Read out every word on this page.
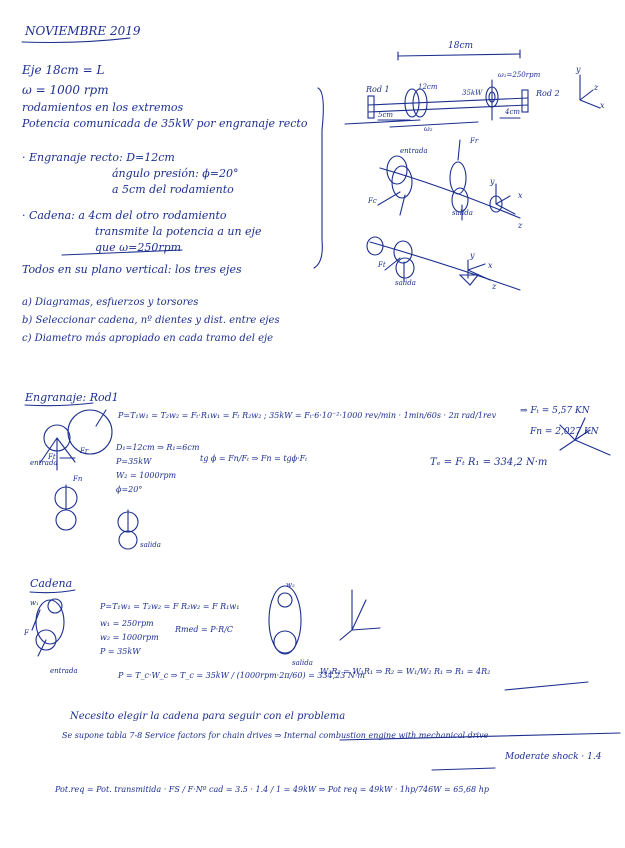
NOVIEMBRE 2019
Eje 18cm = L
ω = 1000 rpm
rodamientos en los extremos
Potencia comunicada de 35kW por engranaje recto
· Engranaje recto: D=12cm
ángulo presión: ϕ=20°
a 5cm del rodamiento
· Cadena: a 4cm del otro rodamiento
transmite la potencia a un eje
que ω=250rpm
Todos en su plano vertical: los tres ejes
a) Diagramas, esfuerzos y torsores
b) Seleccionar cadena, nº dientes y dist. entre ejes
c) Diametro más apropiado en cada tramo del eje
18cm
Rod 1	Rod 2
5cm	4cm
ω₂
ω₁=250rpm
12cm
35kW
entrada
salida
salida
x
y
z
z
x
y
z
y
x
Fc
Fr
Ft
Engranaje: Rod1
P=T₁w₁ = T₂w₂ = Fₜ·R₁w₁ = Fₜ R₂w₂ ; 35kW = Fₜ·6·10⁻²·1000 rev/min · 1min/60s · 2π rad/1rev	⇒ Fₜ = 5,57 KN
Fn = 2,027 KN
D₁=12cm ⇒ R₁=6cm
P=35kW
W₂ = 1000rpm
ϕ=20°
tg ϕ = Fn/Fₜ ⇒ Fn = tgϕ·Fₜ	Tₑ = Fₜ R₁ = 334,2 N·m
entrada
salida
Fn
Ft
Fr
Cadena
P=T₁w₁ = T₂w₂ = F R₂w₂ = F R₁w₁
w₁ = 250rpm
w₂ = 1000rpm
P = 35kW
Rmed = P·R/C
P = T_c·W_c ⇒ T_c = 35kW / (1000rpm·2π/60) = 334,23 N·m
W₂R₂ = W₁R₁ ⇒ R₂ = W₁/W₂ R₁ ⇒ R₁ = 4R₂
w₁
w₂
F
entrada
salida
Necesito elegir la cadena para seguir con el problema
Se supone tabla 7-8 Service factors for chain drives ⇒ Internal combustion engine with mechanical drive
Moderate shock · 1.4
Pot.req = Pot. transmitida · FS / F·Nº cad = 3.5 · 1.4 / 1 = 49kW ⇒ Pot req = 49kW · 1hp/746W = 65,68 hp
